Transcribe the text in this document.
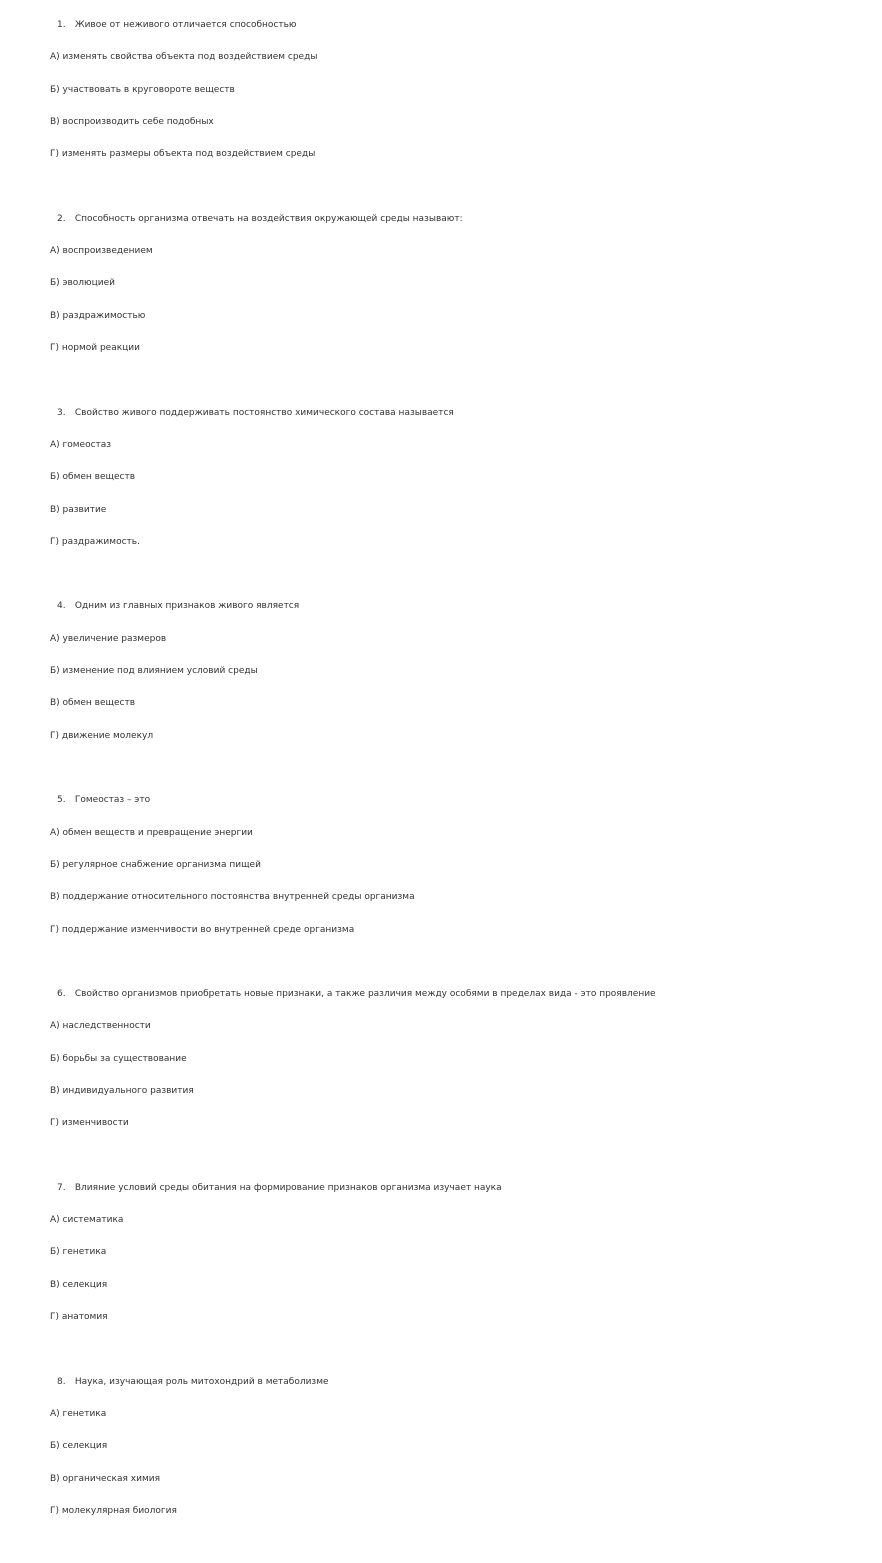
1. Живое от неживого отличается способностью
А) изменять свойства объекта под воздействием среды
Б) участвовать в круговороте веществ
В) воспроизводить себе подобных
Г) изменять размеры объекта под воздействием среды
2. Способность организма отвечать на воздействия окружающей среды называют:
А) воспроизведением
Б) эволюцией
В) раздражимостью
Г) нормой реакции
3. Свойство живого поддерживать постоянство химического состава называется
А) гомеостаз
Б) обмен веществ
В) развитие
Г) раздражимость.
4. Одним из главных признаков живого является
А) увеличение размеров
Б) изменение под влиянием условий среды
В) обмен веществ
Г) движение молекул
5. Гомеостаз – это
А) обмен веществ и превращение энергии
Б) регулярное снабжение организма пищей
В) поддержание относительного постоянства внутренней среды организма
Г) поддержание изменчивости во внутренней среде организма
6. Свойство организмов приобретать новые признаки, а также различия между особями в пределах вида - это проявление
А) наследственности
Б) борьбы за существование
В) индивидуального развития
Г) изменчивости
7. Влияние условий среды обитания на формирование признаков организма изучает наука
А) систематика
Б) генетика
В) селекция
Г) анатомия
8. Наука, изучающая роль митохондрий в метаболизме
А) генетика
Б) селекция
В) органическая химия
Г) молекулярная биология
